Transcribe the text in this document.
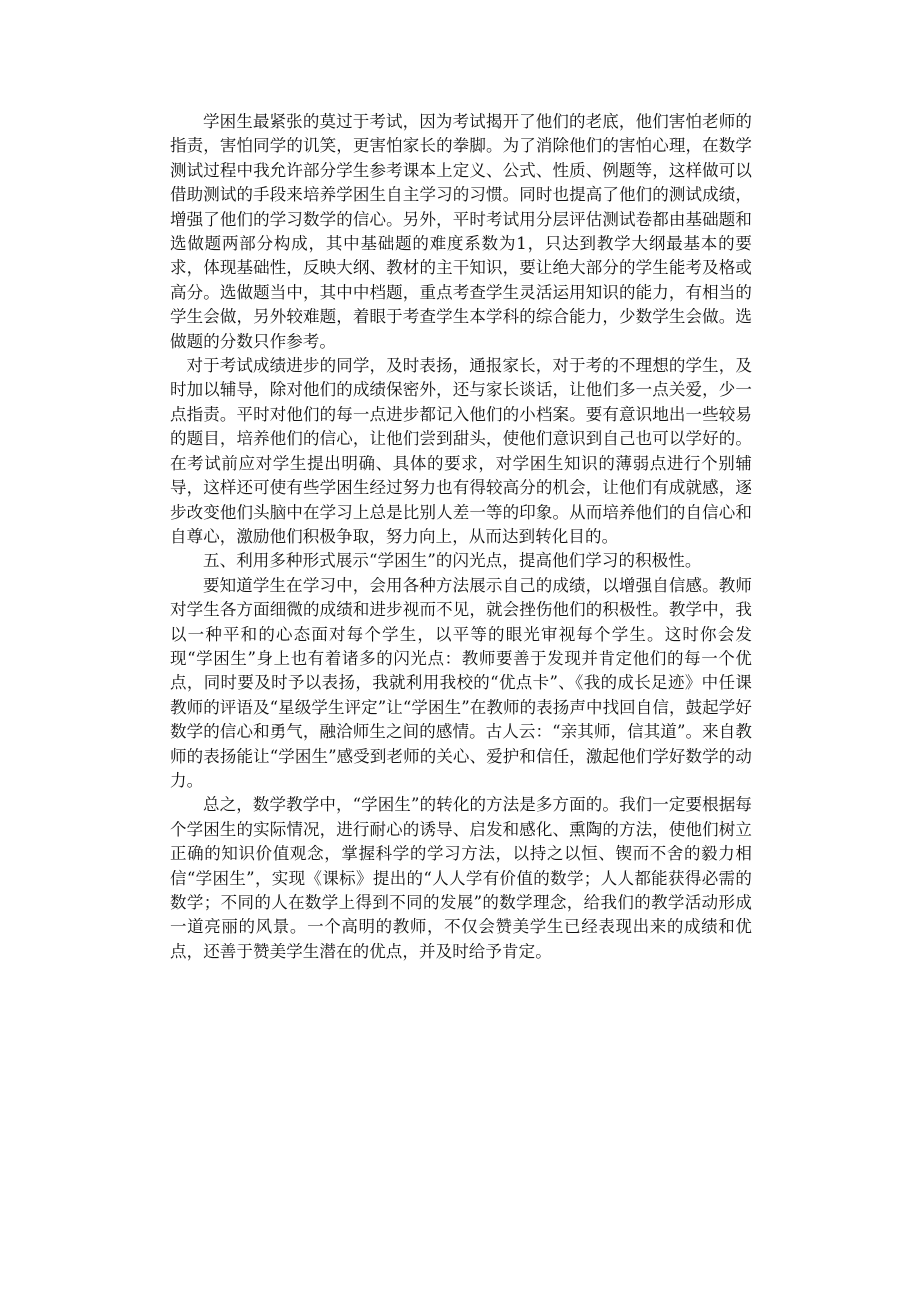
学困生最紧张的莫过于考试，因为考试揭开了他们的老底，他们害怕老师的指责，害怕同学的讥笑，更害怕家长的拳脚。为了消除他们的害怕心理，在数学测试过程中我允许部分学生参考课本上定义、公式、性质、例题等，这样做可以借助测试的手段来培养学困生自主学习的习惯。同时也提高了他们的测试成绩，增强了他们的学习数学的信心。另外，平时考试用分层评估测试卷都由基础题和选做题两部分构成，其中基础题的难度系数为1，只达到教学大纲最基本的要求，体现基础性，反映大纲、教材的主干知识，要让绝大部分的学生能考及格或高分。选做题当中，其中中档题，重点考查学生灵活运用知识的能力，有相当的学生会做，另外较难题，着眼于考查学生本学科的综合能力，少数学生会做。选做题的分数只作参考。

对于考试成绩进步的同学，及时表扬，通报家长，对于考的不理想的学生，及时加以辅导，除对他们的成绩保密外，还与家长谈话，让他们多一点关爱，少一点指责。平时对他们的每一点进步都记入他们的小档案。要有意识地出一些较易的题目，培养他们的信心，让他们尝到甜头，使他们意识到自己也可以学好的。在考试前应对学生提出明确、具体的要求，对学困生知识的薄弱点进行个别辅导，这样还可使有些学困生经过努力也有得较高分的机会，让他们有成就感，逐步改变他们头脑中在学习上总是比别人差一等的印象。从而培养他们的自信心和自尊心，激励他们积极争取，努力向上，从而达到转化目的。

五、利用多种形式展示“学困生”的闪光点，提高他们学习的积极性。

要知道学生在学习中，会用各种方法展示自己的成绩，以增强自信感。教师对学生各方面细微的成绩和进步视而不见，就会挫伤他们的积极性。教学中，我以一种平和的心态面对每个学生，以平等的眼光审视每个学生。这时你会发现“学困生”身上也有着诸多的闪光点：教师要善于发现并肯定他们的每一个优点，同时要及时予以表扬，我就利用我校的“优点卡”、《我的成长足迹》中任课教师的评语及“星级学生评定”让“学困生”在教师的表扬声中找回自信，鼓起学好数学的信心和勇气，融洽师生之间的感情。古人云：“亲其师，信其道”。来自教师的表扬能让“学困生”感受到老师的关心、爱护和信任，激起他们学好数学的动力。

总之，数学教学中，“学困生”的转化的方法是多方面的。我们一定要根据每个学困生的实际情况，进行耐心的诱导、启发和感化、熏陶的方法，使他们树立正确的知识价值观念，掌握科学的学习方法，以持之以恒、锲而不舍的毅力相信“学困生”，实现《课标》提出的“人人学有价值的数学；人人都能获得必需的数学；不同的人在数学上得到不同的发展”的数学理念，给我们的教学活动形成一道亮丽的风景。一个高明的教师，不仅会赞美学生已经表现出来的成绩和优点，还善于赞美学生潜在的优点，并及时给予肯定。
